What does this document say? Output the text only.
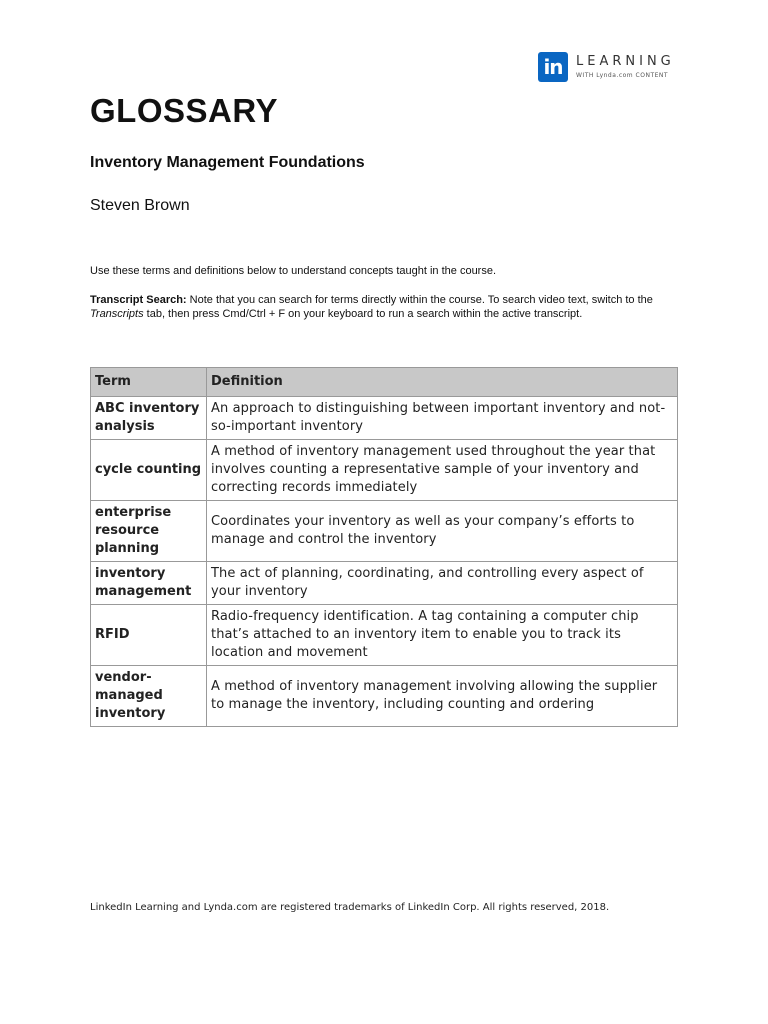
in	LEARNING
WITH Lynda.com CONTENT
GLOSSARY

Inventory Management Foundations

Steven Brown

Use these terms and definitions below to understand concepts taught in the course.

Transcript Search: Note that you can search for terms directly within the course. To search video text, switch to the Transcripts tab, then press Cmd/Ctrl + F on your keyboard to run a search within the active transcript.

Term	Definition
ABC inventory analysis	An approach to distinguishing between important inventory and not-so-important inventory
cycle counting	A method of inventory management used throughout the year that involves counting a representative sample of your inventory and correcting records immediately
enterprise resource planning	Coordinates your inventory as well as your company’s efforts to manage and control the inventory
inventory management	The act of planning, coordinating, and controlling every aspect of your inventory
RFID	Radio-frequency identification. A tag containing a computer chip that’s attached to an inventory item to enable you to track its location and movement
vendor-managed inventory	A method of inventory management involving allowing the supplier to manage the inventory, including counting and ordering

LinkedIn Learning and Lynda.com are registered trademarks of LinkedIn Corp. All rights reserved, 2018.
